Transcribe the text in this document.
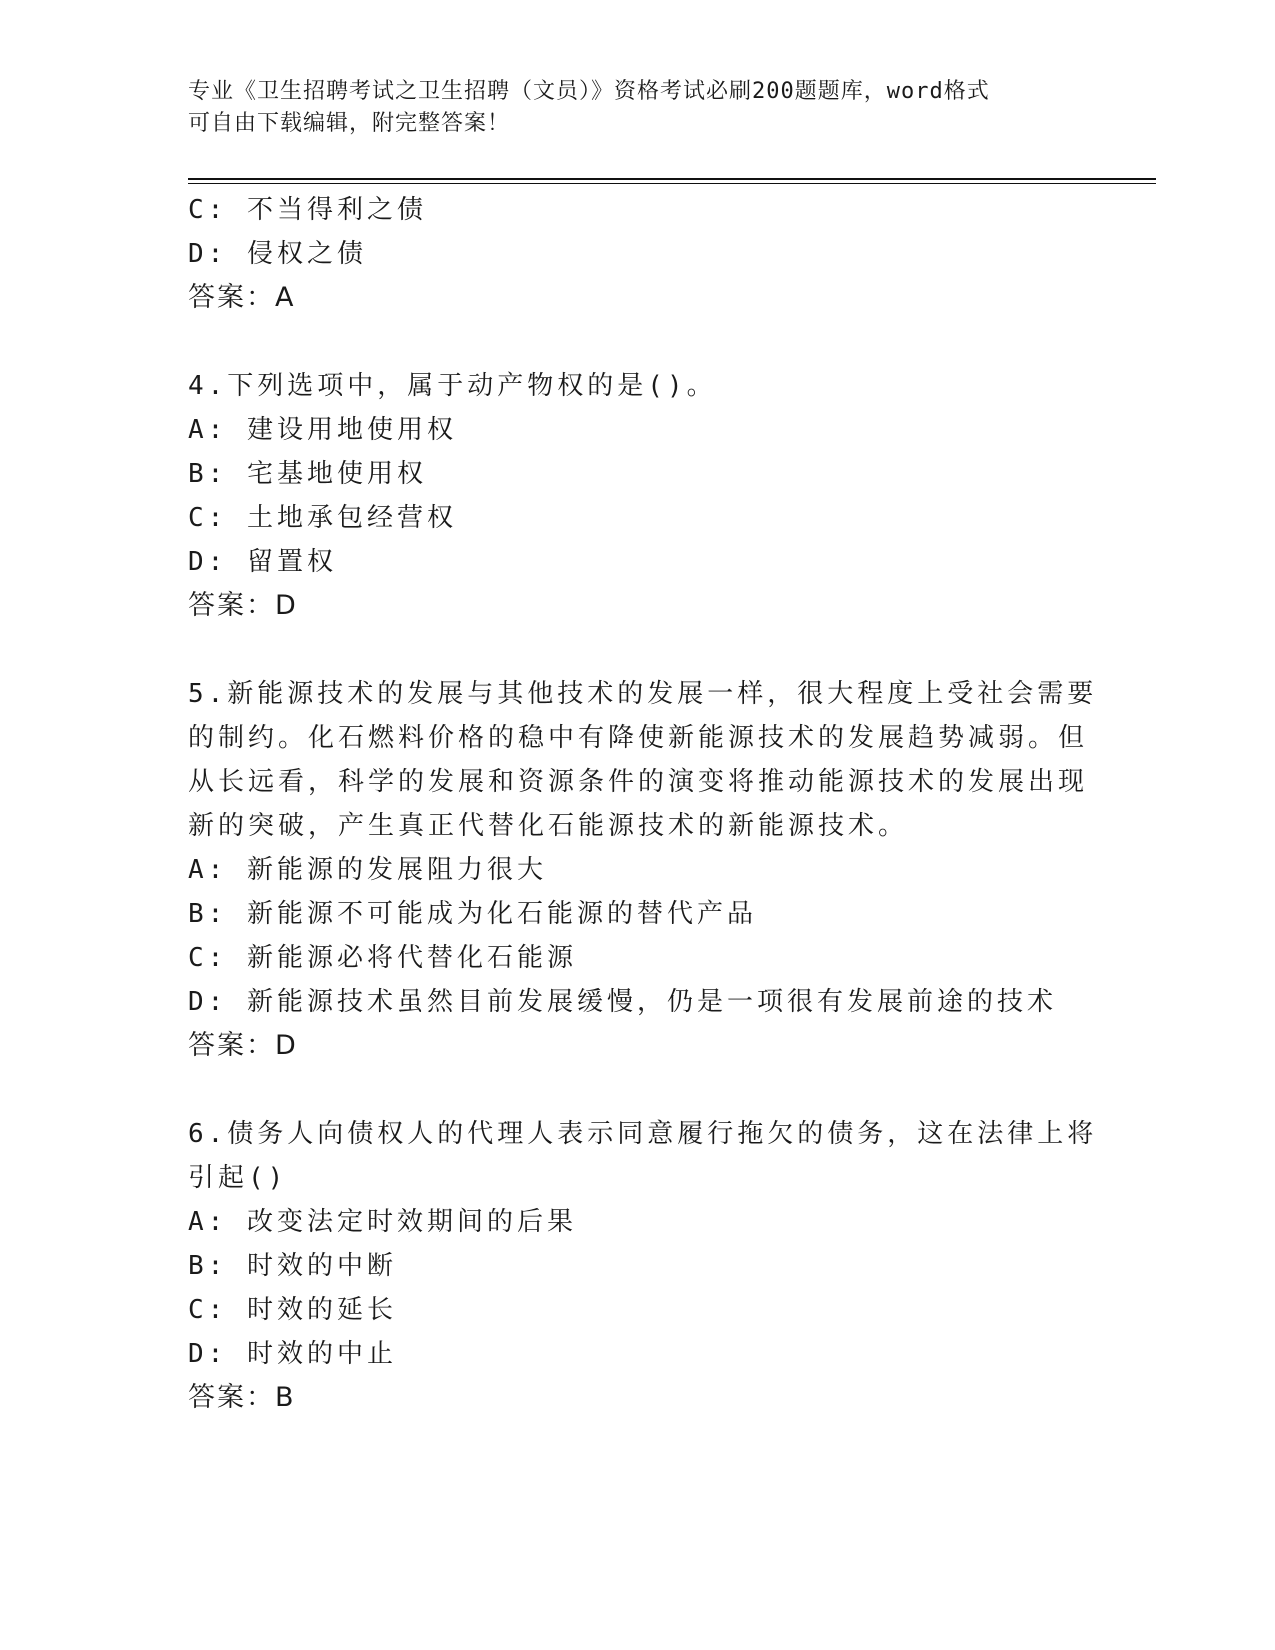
专业《卫生招聘考试之卫生招聘（文员）》资格考试必刷200题题库，word格式
可自由下载编辑，附完整答案！
C: 不当得利之债
D: 侵权之债
答案：A
4.下列选项中，属于动产物权的是()。
A: 建设用地使用权
B: 宅基地使用权
C: 土地承包经营权
D: 留置权
答案：D
5.新能源技术的发展与其他技术的发展一样，很大程度上受社会需要
的制约。化石燃料价格的稳中有降使新能源技术的发展趋势减弱。但
从长远看，科学的发展和资源条件的演变将推动能源技术的发展出现
新的突破，产生真正代替化石能源技术的新能源技术。
A: 新能源的发展阻力很大
B: 新能源不可能成为化石能源的替代产品
C: 新能源必将代替化石能源
D: 新能源技术虽然目前发展缓慢，仍是一项很有发展前途的技术
答案：D
6.债务人向债权人的代理人表示同意履行拖欠的债务，这在法律上将
引起()
A: 改变法定时效期间的后果
B: 时效的中断
C: 时效的延长
D: 时效的中止
答案：B
